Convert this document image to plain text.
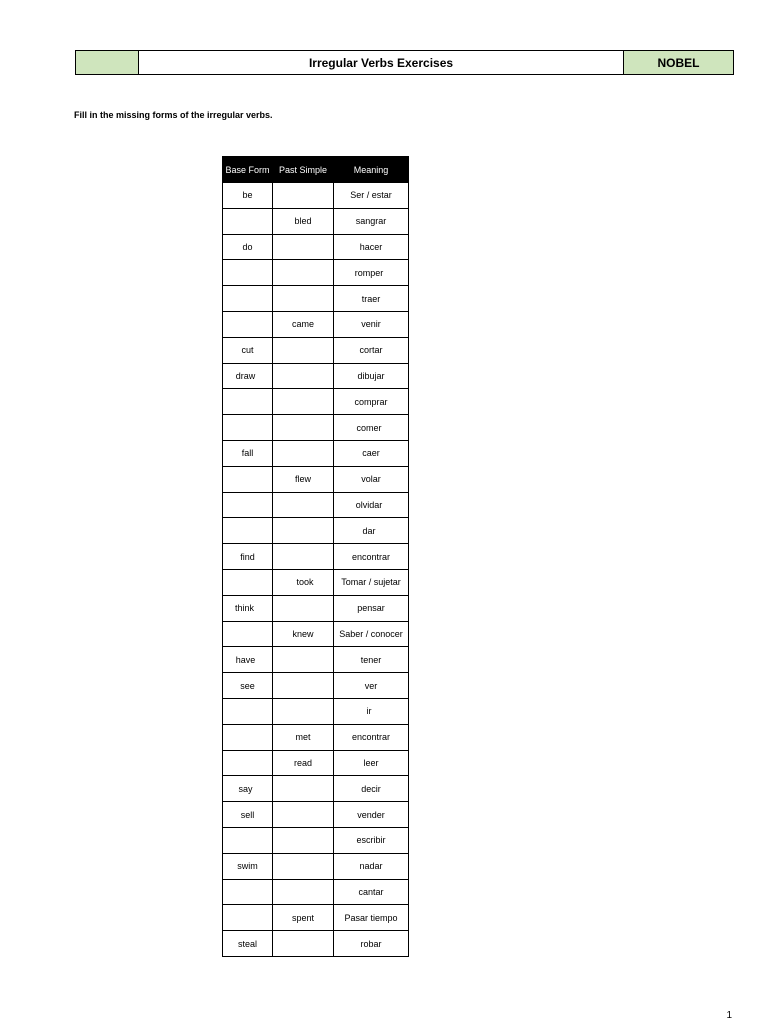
Irregular Verbs Exercises	NOBEL
Fill in the missing forms of the irregular verbs.
Base Form	Past Simple	Meaning
be		Ser / estar
	bled	sangrar
do		hacer
		romper
		traer
	came	venir
cut		cortar
draw		dibujar
		comprar
		comer
fall		caer
	flew	volar
		olvidar
		dar
find		encontrar
	took	Tomar / sujetar
think		pensar
	knew	Saber / conocer
have		tener
see		ver
		ir
	met	encontrar
	read	leer
say		decir
sell		vender
		escribir
swim		nadar
		cantar
	spent	Pasar tiempo
steal		robar
1
